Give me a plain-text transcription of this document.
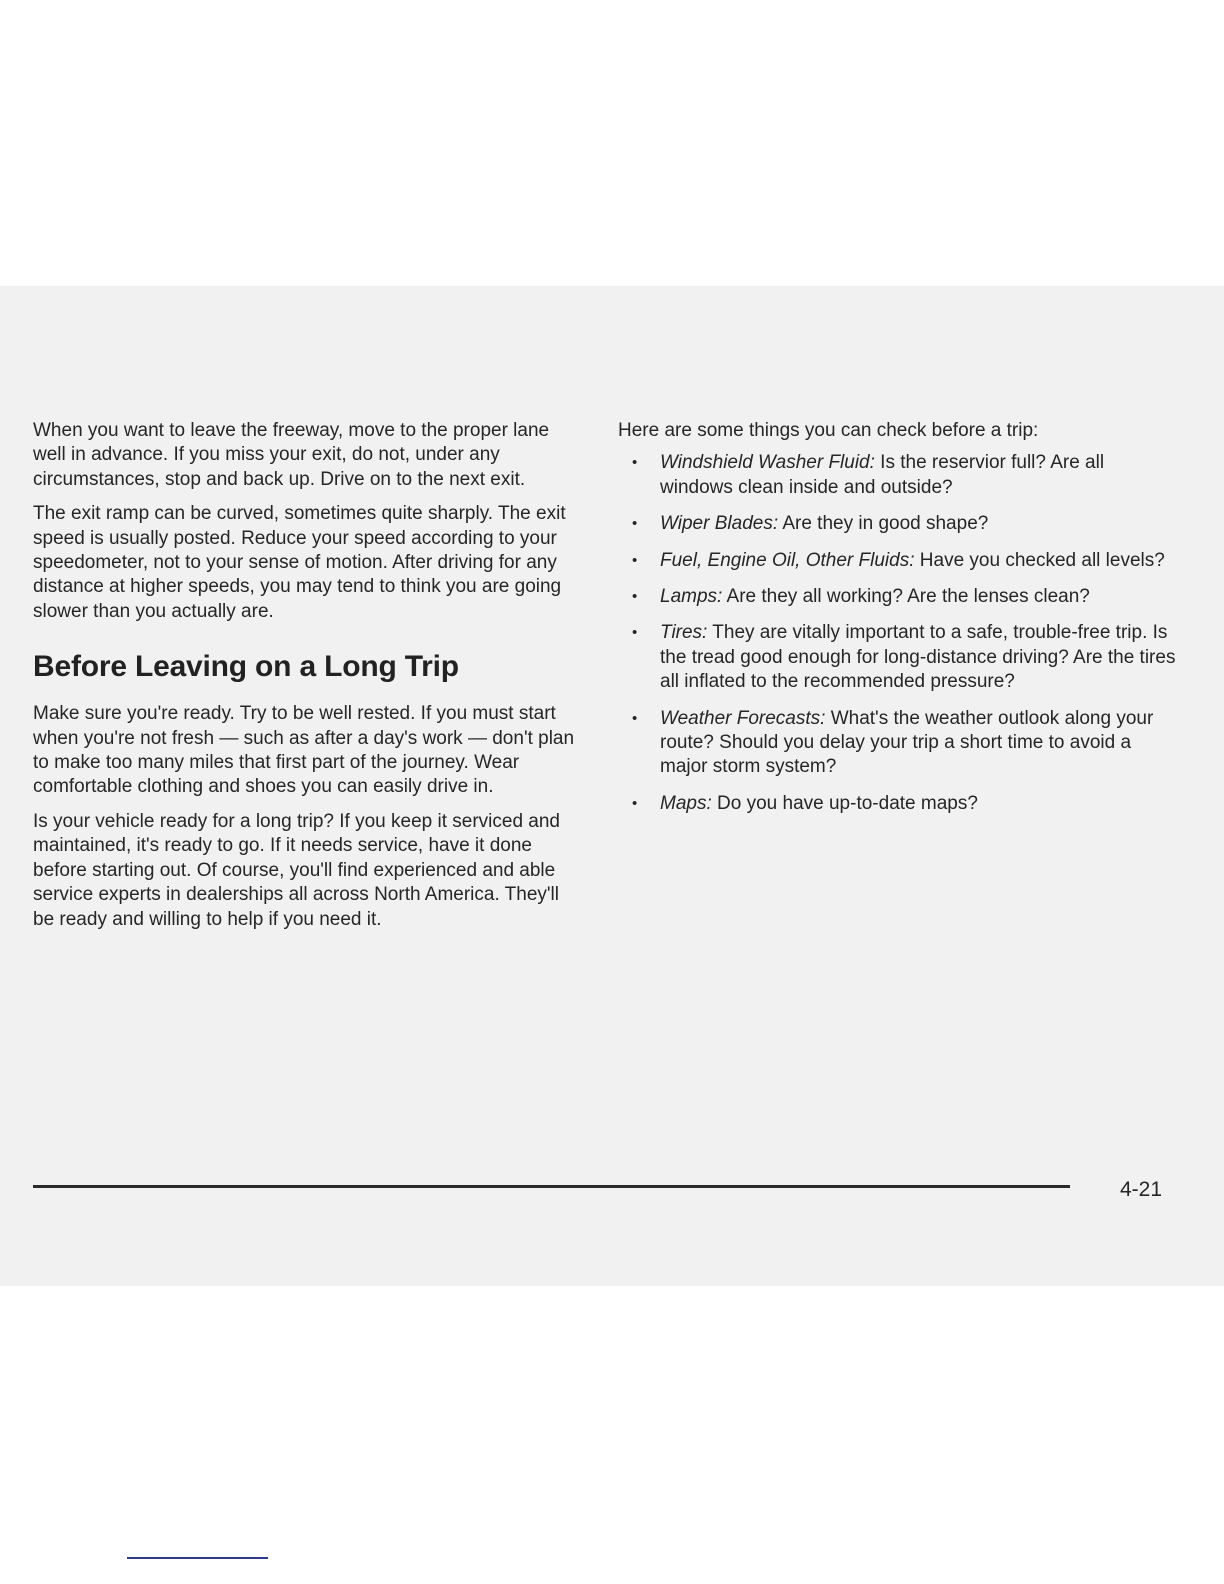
When you want to leave the freeway, move to the proper lane well in advance. If you miss your exit, do not, under any circumstances, stop and back up. Drive on to the next exit.

The exit ramp can be curved, sometimes quite sharply. The exit speed is usually posted. Reduce your speed according to your speedometer, not to your sense of motion. After driving for any distance at higher speeds, you may tend to think you are going slower than you actually are.

Before Leaving on a Long Trip

Make sure you're ready. Try to be well rested. If you must start when you're not fresh — such as after a day's work — don't plan to make too many miles that first part of the journey. Wear comfortable clothing and shoes you can easily drive in.

Is your vehicle ready for a long trip? If you keep it serviced and maintained, it's ready to go. If it needs service, have it done before starting out. Of course, you'll find experienced and able service experts in dealerships all across North America. They'll be ready and willing to help if you need it.

Here are some things you can check before a trip:

• Windshield Washer Fluid: Is the reservior full? Are all windows clean inside and outside?
• Wiper Blades: Are they in good shape?
• Fuel, Engine Oil, Other Fluids: Have you checked all levels?
• Lamps: Are they all working? Are the lenses clean?
• Tires: They are vitally important to a safe, trouble-free trip. Is the tread good enough for long-distance driving? Are the tires all inflated to the recommended pressure?
• Weather Forecasts: What's the weather outlook along your route? Should you delay your trip a short time to avoid a major storm system?
• Maps: Do you have up-to-date maps?
4-21
